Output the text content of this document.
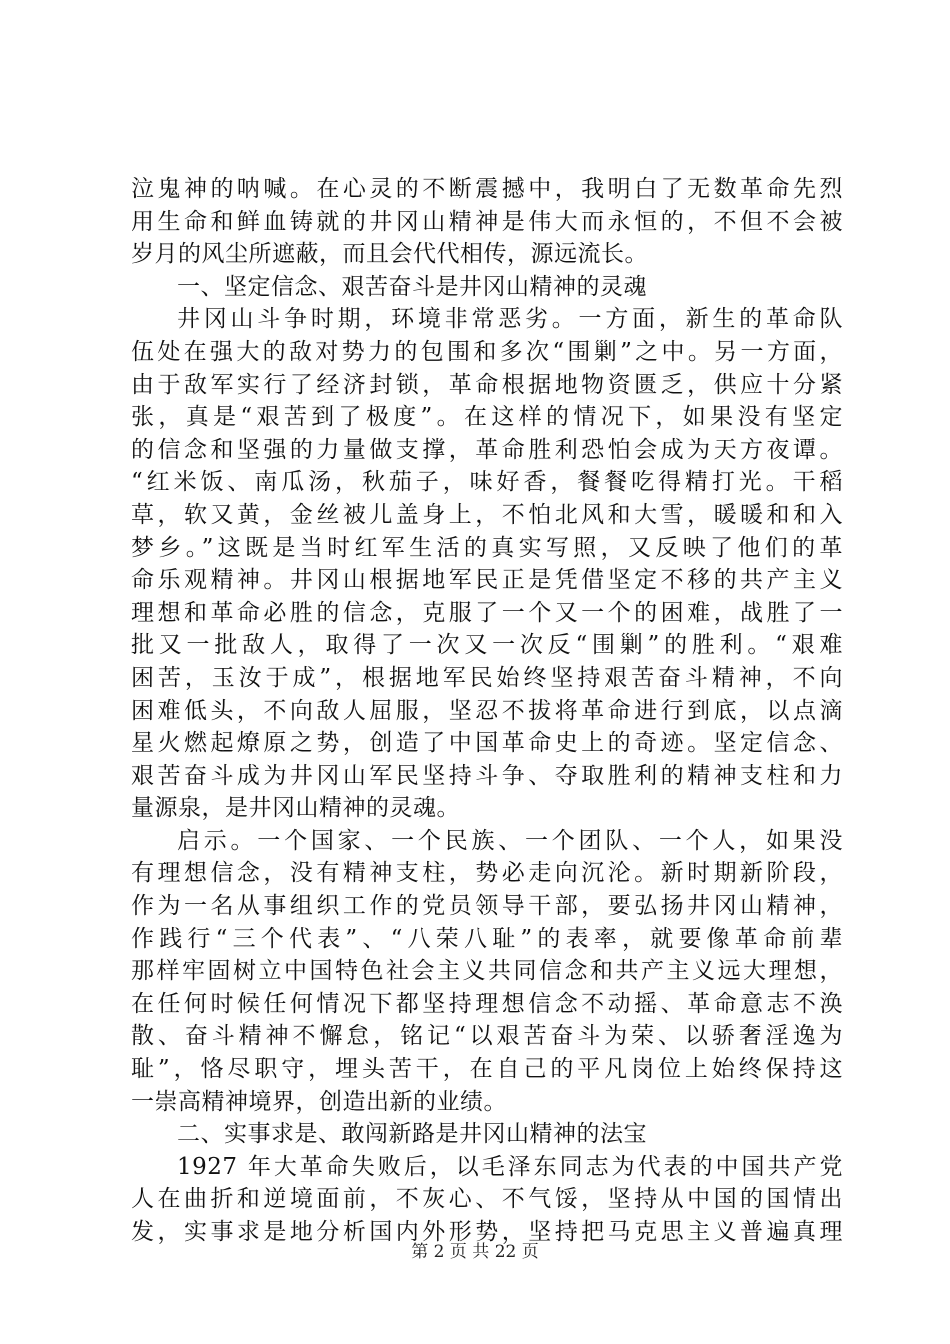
泣鬼神的呐喊。在心灵的不断震撼中，我明白了无数革命先烈
用生命和鲜血铸就的井冈山精神是伟大而永恒的，不但不会被
岁月的风尘所遮蔽，而且会代代相传，源远流长。
一、坚定信念、艰苦奋斗是井冈山精神的灵魂
井冈山斗争时期，环境非常恶劣。一方面，新生的革命队
伍处在强大的敌对势力的包围和多次“围剿”之中。另一方面，
由于敌军实行了经济封锁，革命根据地物资匮乏，供应十分紧
张，真是“艰苦到了极度”。在这样的情况下，如果没有坚定
的信念和坚强的力量做支撑，革命胜利恐怕会成为天方夜谭。
“红米饭、南瓜汤，秋茄子，味好香，餐餐吃得精打光。干稻
草，软又黄，金丝被儿盖身上，不怕北风和大雪，暖暖和和入
梦乡。”这既是当时红军生活的真实写照，又反映了他们的革
命乐观精神。井冈山根据地军民正是凭借坚定不移的共产主义
理想和革命必胜的信念，克服了一个又一个的困难，战胜了一
批又一批敌人，取得了一次又一次反“围剿”的胜利。“艰难
困苦，玉汝于成”，根据地军民始终坚持艰苦奋斗精神，不向
困难低头，不向敌人屈服，坚忍不拔将革命进行到底，以点滴
星火燃起燎原之势，创造了中国革命史上的奇迹。坚定信念、
艰苦奋斗成为井冈山军民坚持斗争、夺取胜利的精神支柱和力
量源泉，是井冈山精神的灵魂。
启示。一个国家、一个民族、一个团队、一个人，如果没
有理想信念，没有精神支柱，势必走向沉沦。新时期新阶段，
作为一名从事组织工作的党员领导干部，要弘扬井冈山精神，
作践行“三个代表”、“八荣八耻”的表率，就要像革命前辈
那样牢固树立中国特色社会主义共同信念和共产主义远大理想，
在任何时候任何情况下都坚持理想信念不动摇、革命意志不涣
散、奋斗精神不懈怠，铭记“以艰苦奋斗为荣、以骄奢淫逸为
耻”，恪尽职守，埋头苦干，在自己的平凡岗位上始终保持这
一崇高精神境界，创造出新的业绩。
二、实事求是、敢闯新路是井冈山精神的法宝
1927 年大革命失败后，以毛泽东同志为代表的中国共产党
人在曲折和逆境面前，不灰心、不气馁，坚持从中国的国情出
发，实事求是地分析国内外形势，坚持把马克思主义普遍真理
第 2 页 共 22 页
